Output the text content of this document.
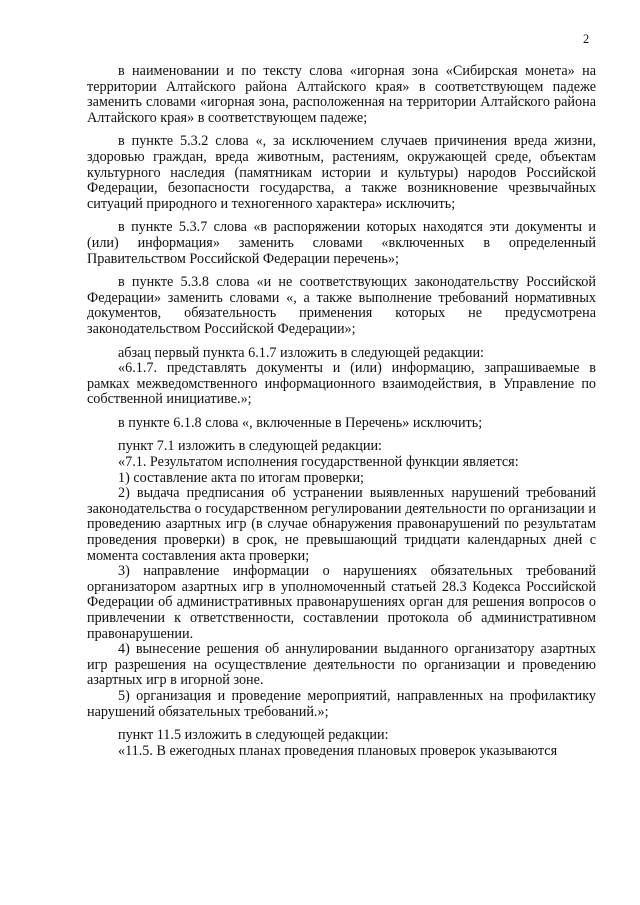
2

в наименовании и по тексту слова «игорная зона «Сибирская монета» на территории Алтайского района Алтайского края» в соответствующем падеже заменить словами «игорная зона, расположенная на территории Алтайского района Алтайского края» в соответствующем падеже;

в пункте 5.3.2 слова «, за исключением случаев причинения вреда жизни, здоровью граждан, вреда животным, растениям, окружающей среде, объектам культурного наследия (памятникам истории и культуры) народов Российской Федерации, безопасности государства, а также возникновение чрезвычайных ситуаций природного и техногенного характера» исключить;

в пункте 5.3.7 слова «в распоряжении которых находятся эти документы и (или) информация» заменить словами «включенных в определенный Правительством Российской Федерации перечень»;

в пункте 5.3.8 слова «и не соответствующих законодательству Российской Федерации» заменить словами «, а также выполнение требований нормативных документов, обязательность применения которых не предусмотрена законодательством Российской Федерации»;

абзац первый пункта 6.1.7 изложить в следующей редакции:

«6.1.7. представлять документы и (или) информацию, запрашиваемые в рамках межведомственного информационного взаимодействия, в Управление по собственной инициативе.»;

в пункте 6.1.8 слова «, включенные в Перечень» исключить;

пункт 7.1 изложить в следующей редакции:

«7.1. Результатом исполнения государственной функции является:

1) составление акта по итогам проверки;

2) выдача предписания об устранении выявленных нарушений требований законодательства о государственном регулировании деятельности по организации и проведению азартных игр (в случае обнаружения правонарушений по результатам проведения проверки) в срок, не превышающий тридцати календарных дней с момента составления акта проверки;

3) направление информации о нарушениях обязательных требований организатором азартных игр в уполномоченный статьей 28.3 Кодекса Российской Федерации об административных правонарушениях орган для решения вопросов о привлечении к ответственности, составлении протокола об административном правонарушении.

4) вынесение решения об аннулировании выданного организатору азартных игр разрешения на осуществление деятельности по организации и проведению азартных игр в игорной зоне.

5) организация и проведение мероприятий, направленных на профилактику нарушений обязательных требований.»;

пункт 11.5 изложить в следующей редакции:

«11.5. В ежегодных планах проведения плановых проверок указываются
